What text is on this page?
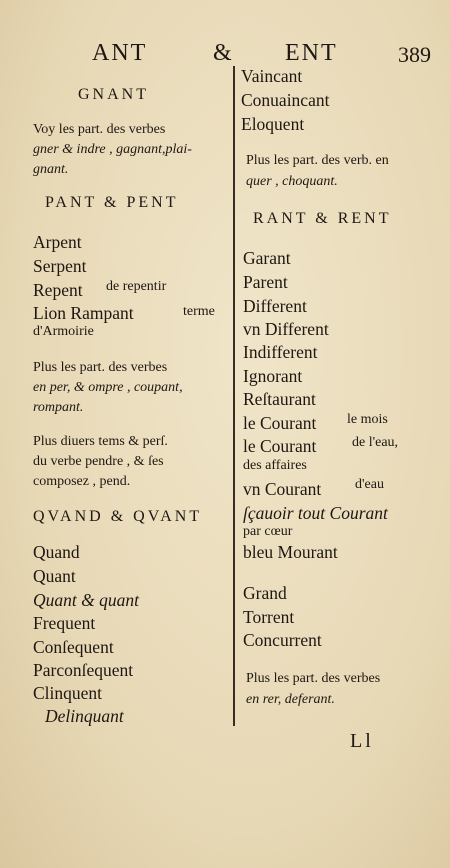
ANT	& ENT	389
GNANT
Voy les part. des verbes
gner & indre , gagnant,plai-
gnant.
PANT & PENT
Arpent
Serpent
Repent de repentir
Lion Rampant	terme
d'Armoirie
Plus les part. des verbes
en per, & ompre , coupant,
rompant.
Plus diuers tems & perſ.
du verbe pendre , & ſes
composez , pend.
QVAND & QVANT
Quand
Quant
Quant & quant
Frequent
Conſequent
Parconſequent
Clinquent
Delinquant
Vaincant
Conuaincant
Eloquent
Plus les part. des verb. en
quer , choquant.
RANT & RENT
Garant
Parent
Different
vn Different
Indifferent
Ignorant
Reſtaurant
le Courant le mois
le Courant	de l'eau,
des affaires
vn Courant d'eau
ſçauoir tout Courant
par cœur
bleu Mourant
Grand
Torrent
Concurrent
Plus les part. des verbes
en rer, deferant.
Ll
